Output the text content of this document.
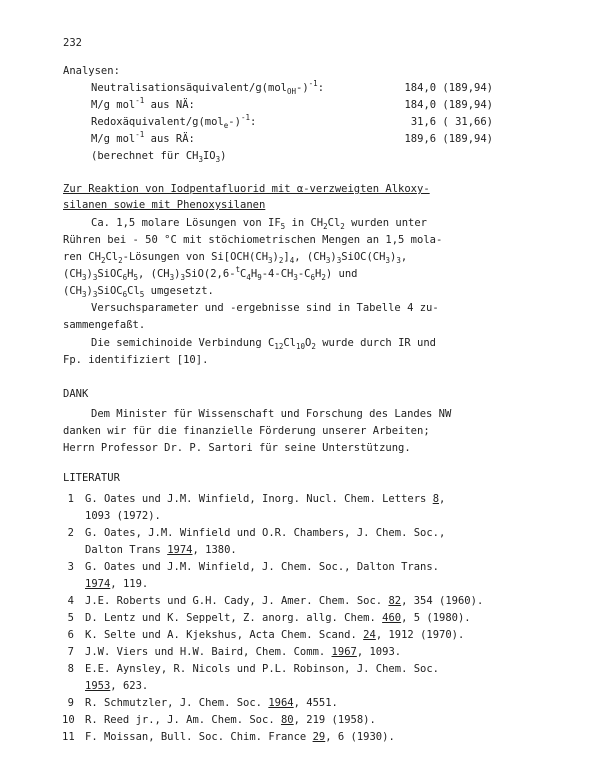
232
Analysen:
Neutralisationsäquivalent/$g(mol_{OH}-)^{-1}$:	184,0 (189,94)
M/g mol$^{-1}$ aus NÄ:	184,0 (189,94)
Redoxäquivalent/$g(mol_e-)^{-1}$:	31,6 ( 31,66)
M/g mol$^{-1}$ aus RÄ:	189,6 (189,94)
(berechnet für $CH_3IO_3$)
Zur Reaktion von Iodpentafluorid mit α-verzweigten Alkoxy-
silanen sowie mit Phenoxysilanen
Ca. 1,5 molare Lösungen von $IF_5$ in $CH_2Cl_2$ wurden unter
Rühren bei - 50 °C mit stöchiometrischen Mengen an 1,5 mola-
ren $CH_2Cl_2$-Lösungen von $Si[OCH(CH_3)_2]_4$, $(CH_3)_3SiOC(CH_3)_3$,
$(CH_3)_3SiOC_6H_5$, $(CH_3)_3SiO(2,6-^tC_4H_9-4-CH_3-C_6H_2)$ und
$(CH_3)_3SiOC_6Cl_5$ umgesetzt.
Versuchsparameter und -ergebnisse sind in Tabelle 4 zu-
sammengefaßt.
Die semichinoide Verbindung $C_{12}Cl_{10}O_2$ wurde durch IR und
Fp. identifiziert [10].
DANK
Dem Minister für Wissenschaft und Forschung des Landes NW
danken wir für die finanzielle Förderung unserer Arbeiten;
Herrn Professor Dr. P. Sartori für seine Unterstützung.
LITERATUR
1 G. Oates und J.M. Winfield, Inorg. Nucl. Chem. Letters 8,
1093 (1972).
2 G. Oates, J.M. Winfield und O.R. Chambers, J. Chem. Soc.,
Dalton Trans 1974, 1380.
3 G. Oates und J.M. Winfield, J. Chem. Soc., Dalton Trans.
1974, 119.
4 J.E. Roberts und G.H. Cady, J. Amer. Chem. Soc. 82, 354 (1960).
5 D. Lentz und K. Seppelt, Z. anorg. allg. Chem. 460, 5 (1980).
6 K. Selte und A. Kjekshus, Acta Chem. Scand. 24, 1912 (1970).
7 J.W. Viers und H.W. Baird, Chem. Comm. 1967, 1093.
8 E.E. Aynsley, R. Nicols und P.L. Robinson, J. Chem. Soc.
1953, 623.
9 R. Schmutzler, J. Chem. Soc. 1964, 4551.
10 R. Reed jr., J. Am. Chem. Soc. 80, 219 (1958).
11 F. Moissan, Bull. Soc. Chim. France 29, 6 (1930).
